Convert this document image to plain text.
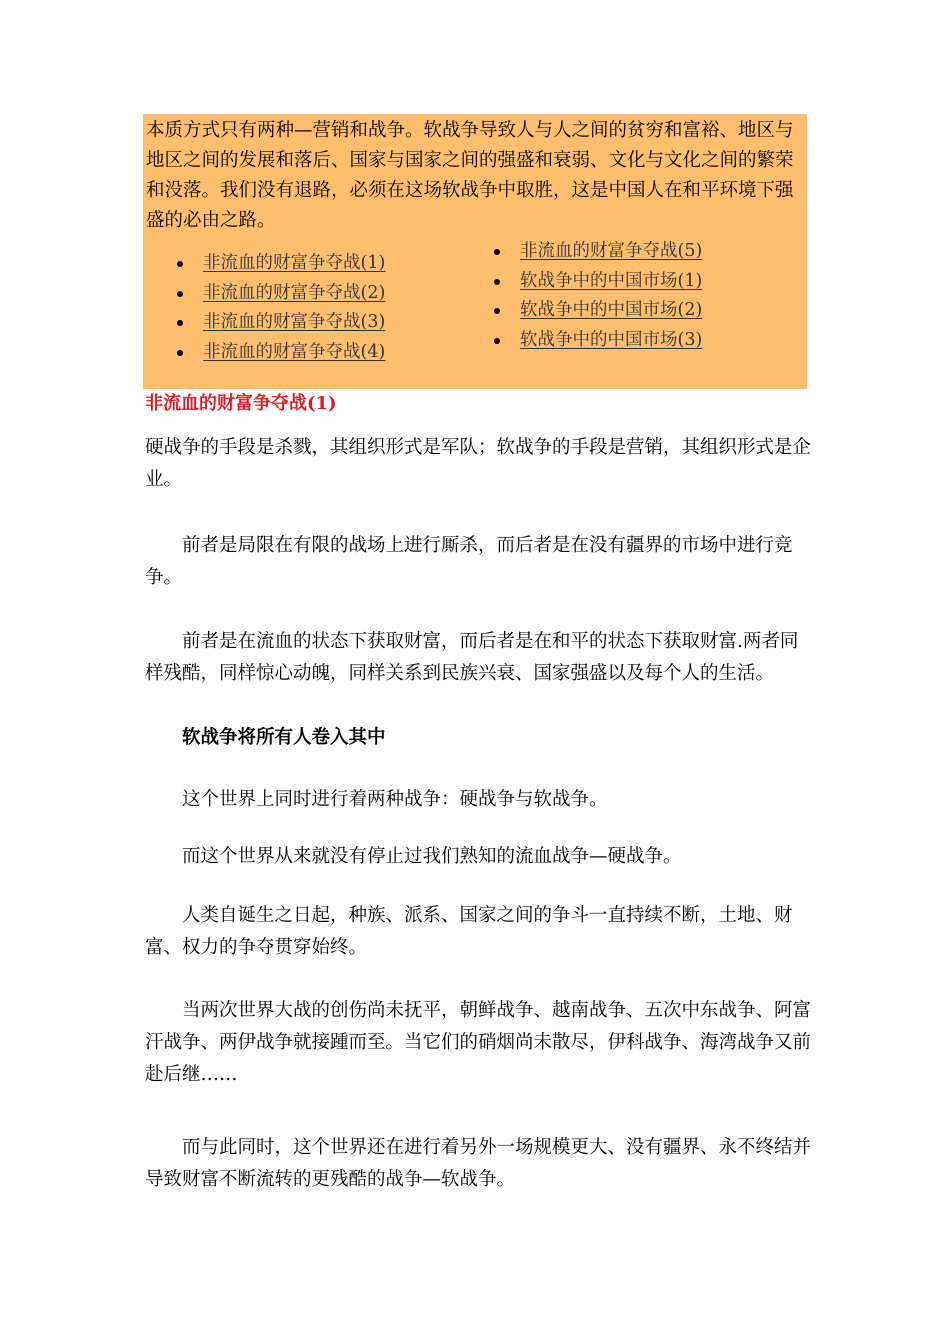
本质方式只有两种—营销和战争。软战争导致人与人之间的贫穷和富裕、地区与地区之间的发展和落后、国家与国家之间的强盛和衰弱、文化与文化之间的繁荣和没落。我们没有退路，必须在这场软战争中取胜，这是中国人在和平环境下强盛的必由之路。

非流血的财富争夺战(1)
非流血的财富争夺战(2)
非流血的财富争夺战(3)
非流血的财富争夺战(4)
非流血的财富争夺战(5)
软战争中的中国市场(1)
软战争中的中国市场(2)
软战争中的中国市场(3)
非流血的财富争夺战(1)

硬战争的手段是杀戮，其组织形式是军队；软战争的手段是营销，其组织形式是企业。

前者是局限在有限的战场上进行厮杀，而后者是在没有疆界的市场中进行竞争。

前者是在流血的状态下获取财富，而后者是在和平的状态下获取财富.两者同样残酷，同样惊心动魄，同样关系到民族兴衰、国家强盛以及每个人的生活。

软战争将所有人卷入其中

这个世界上同时进行着两种战争：硬战争与软战争。

而这个世界从来就没有停止过我们熟知的流血战争—硬战争。

人类自诞生之日起，种族、派系、国家之间的争斗一直持续不断，土地、财富、权力的争夺贯穿始终。

当两次世界大战的创伤尚未抚平，朝鲜战争、越南战争、五次中东战争、阿富汗战争、两伊战争就接踵而至。当它们的硝烟尚未散尽，伊科战争、海湾战争又前赴后继……

而与此同时，这个世界还在进行着另外一场规模更大、没有疆界、永不终结并导致财富不断流转的更残酷的战争—软战争。
